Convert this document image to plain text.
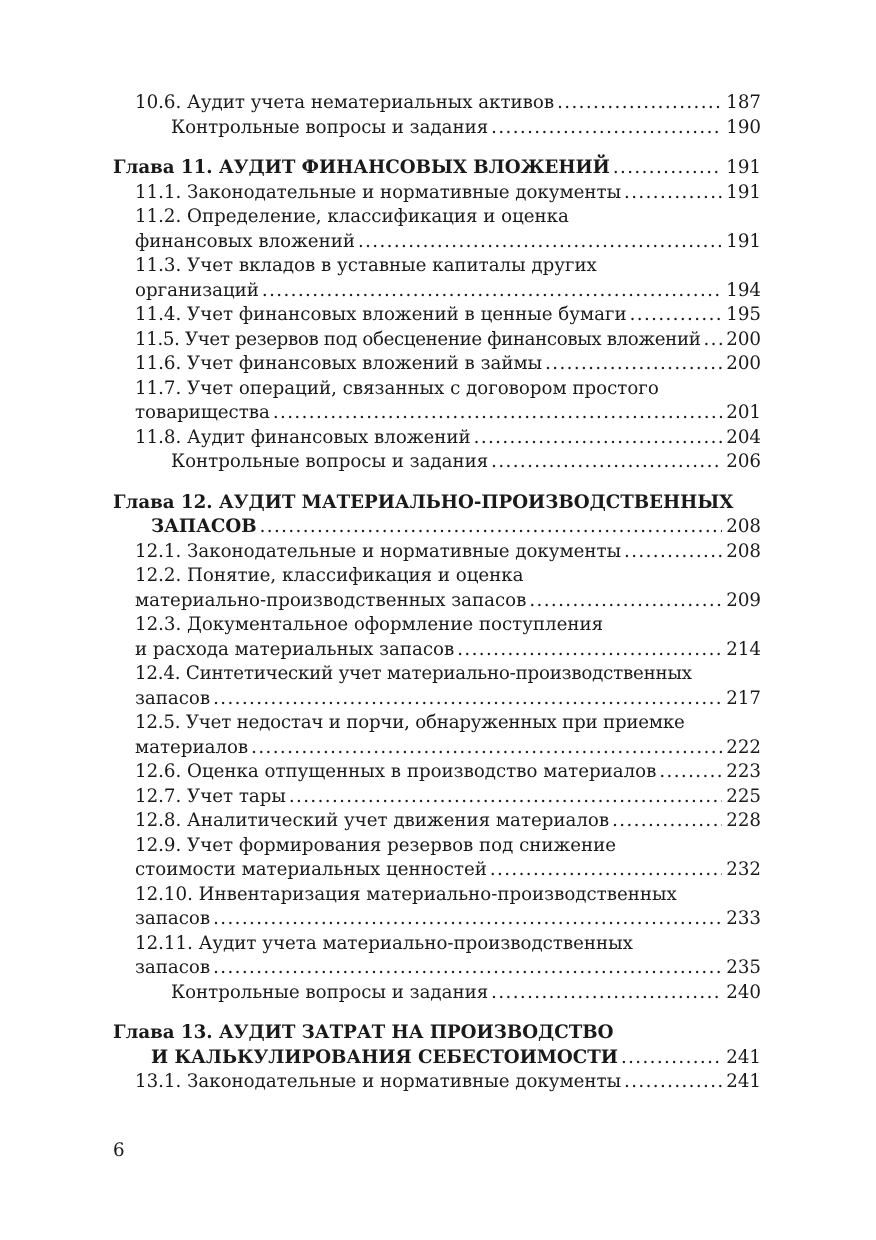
10.6. Аудит учета нематериальных активов .....	187
Контрольные вопросы и задания .....	190
Глава 11. АУДИТ ФИНАНСОВЫХ ВЛОЖЕНИЙ .....	191
11.1. Законодательные и нормативные документы .....	191
11.2. Определение, классификация и оценка
финансовых вложений .....	191
11.3. Учет вкладов в уставные капиталы других
организаций .....	194
11.4. Учет финансовых вложений в ценные бумаги .....	195
11.5. Учет резервов под обесценение финансовых вложений ..... 200
11.6. Учет финансовых вложений в займы .....	200
11.7. Учет операций, связанных с договором простого
товарищества .....	201
11.8. Аудит финансовых вложений .....	204
Контрольные вопросы и задания .....	206
Глава 12. АУДИТ МАТЕРИАЛЬНО-ПРОИЗВОДСТВЕННЫХ
ЗАПАСОВ .....	208
12.1. Законодательные и нормативные документы .....	208
12.2. Понятие, классификация и оценка
материально-производственных запасов .....	209
12.3. Документальное оформление поступления
и расхода материальных запасов .....	214
12.4. Синтетический учет материально-производственных
запасов .....	217
12.5. Учет недостач и порчи, обнаруженных при приемке
материалов .....	222
12.6. Оценка отпущенных в производство материалов .....	223
12.7. Учет тары .....	225
12.8. Аналитический учет движения материалов .....	228
12.9. Учет формирования резервов под снижение
стоимости материальных ценностей .....	232
12.10. Инвентаризация материально-производственных
запасов .....	233
12.11. Аудит учета материально-производственных
запасов .....	235
Контрольные вопросы и задания .....	240
Глава 13. АУДИТ ЗАТРАТ НА ПРОИЗВОДСТВО
И КАЛЬКУЛИРОВАНИЯ СЕБЕСТОИМОСТИ .....	241
13.1. Законодательные и нормативные документы .....	241
6
